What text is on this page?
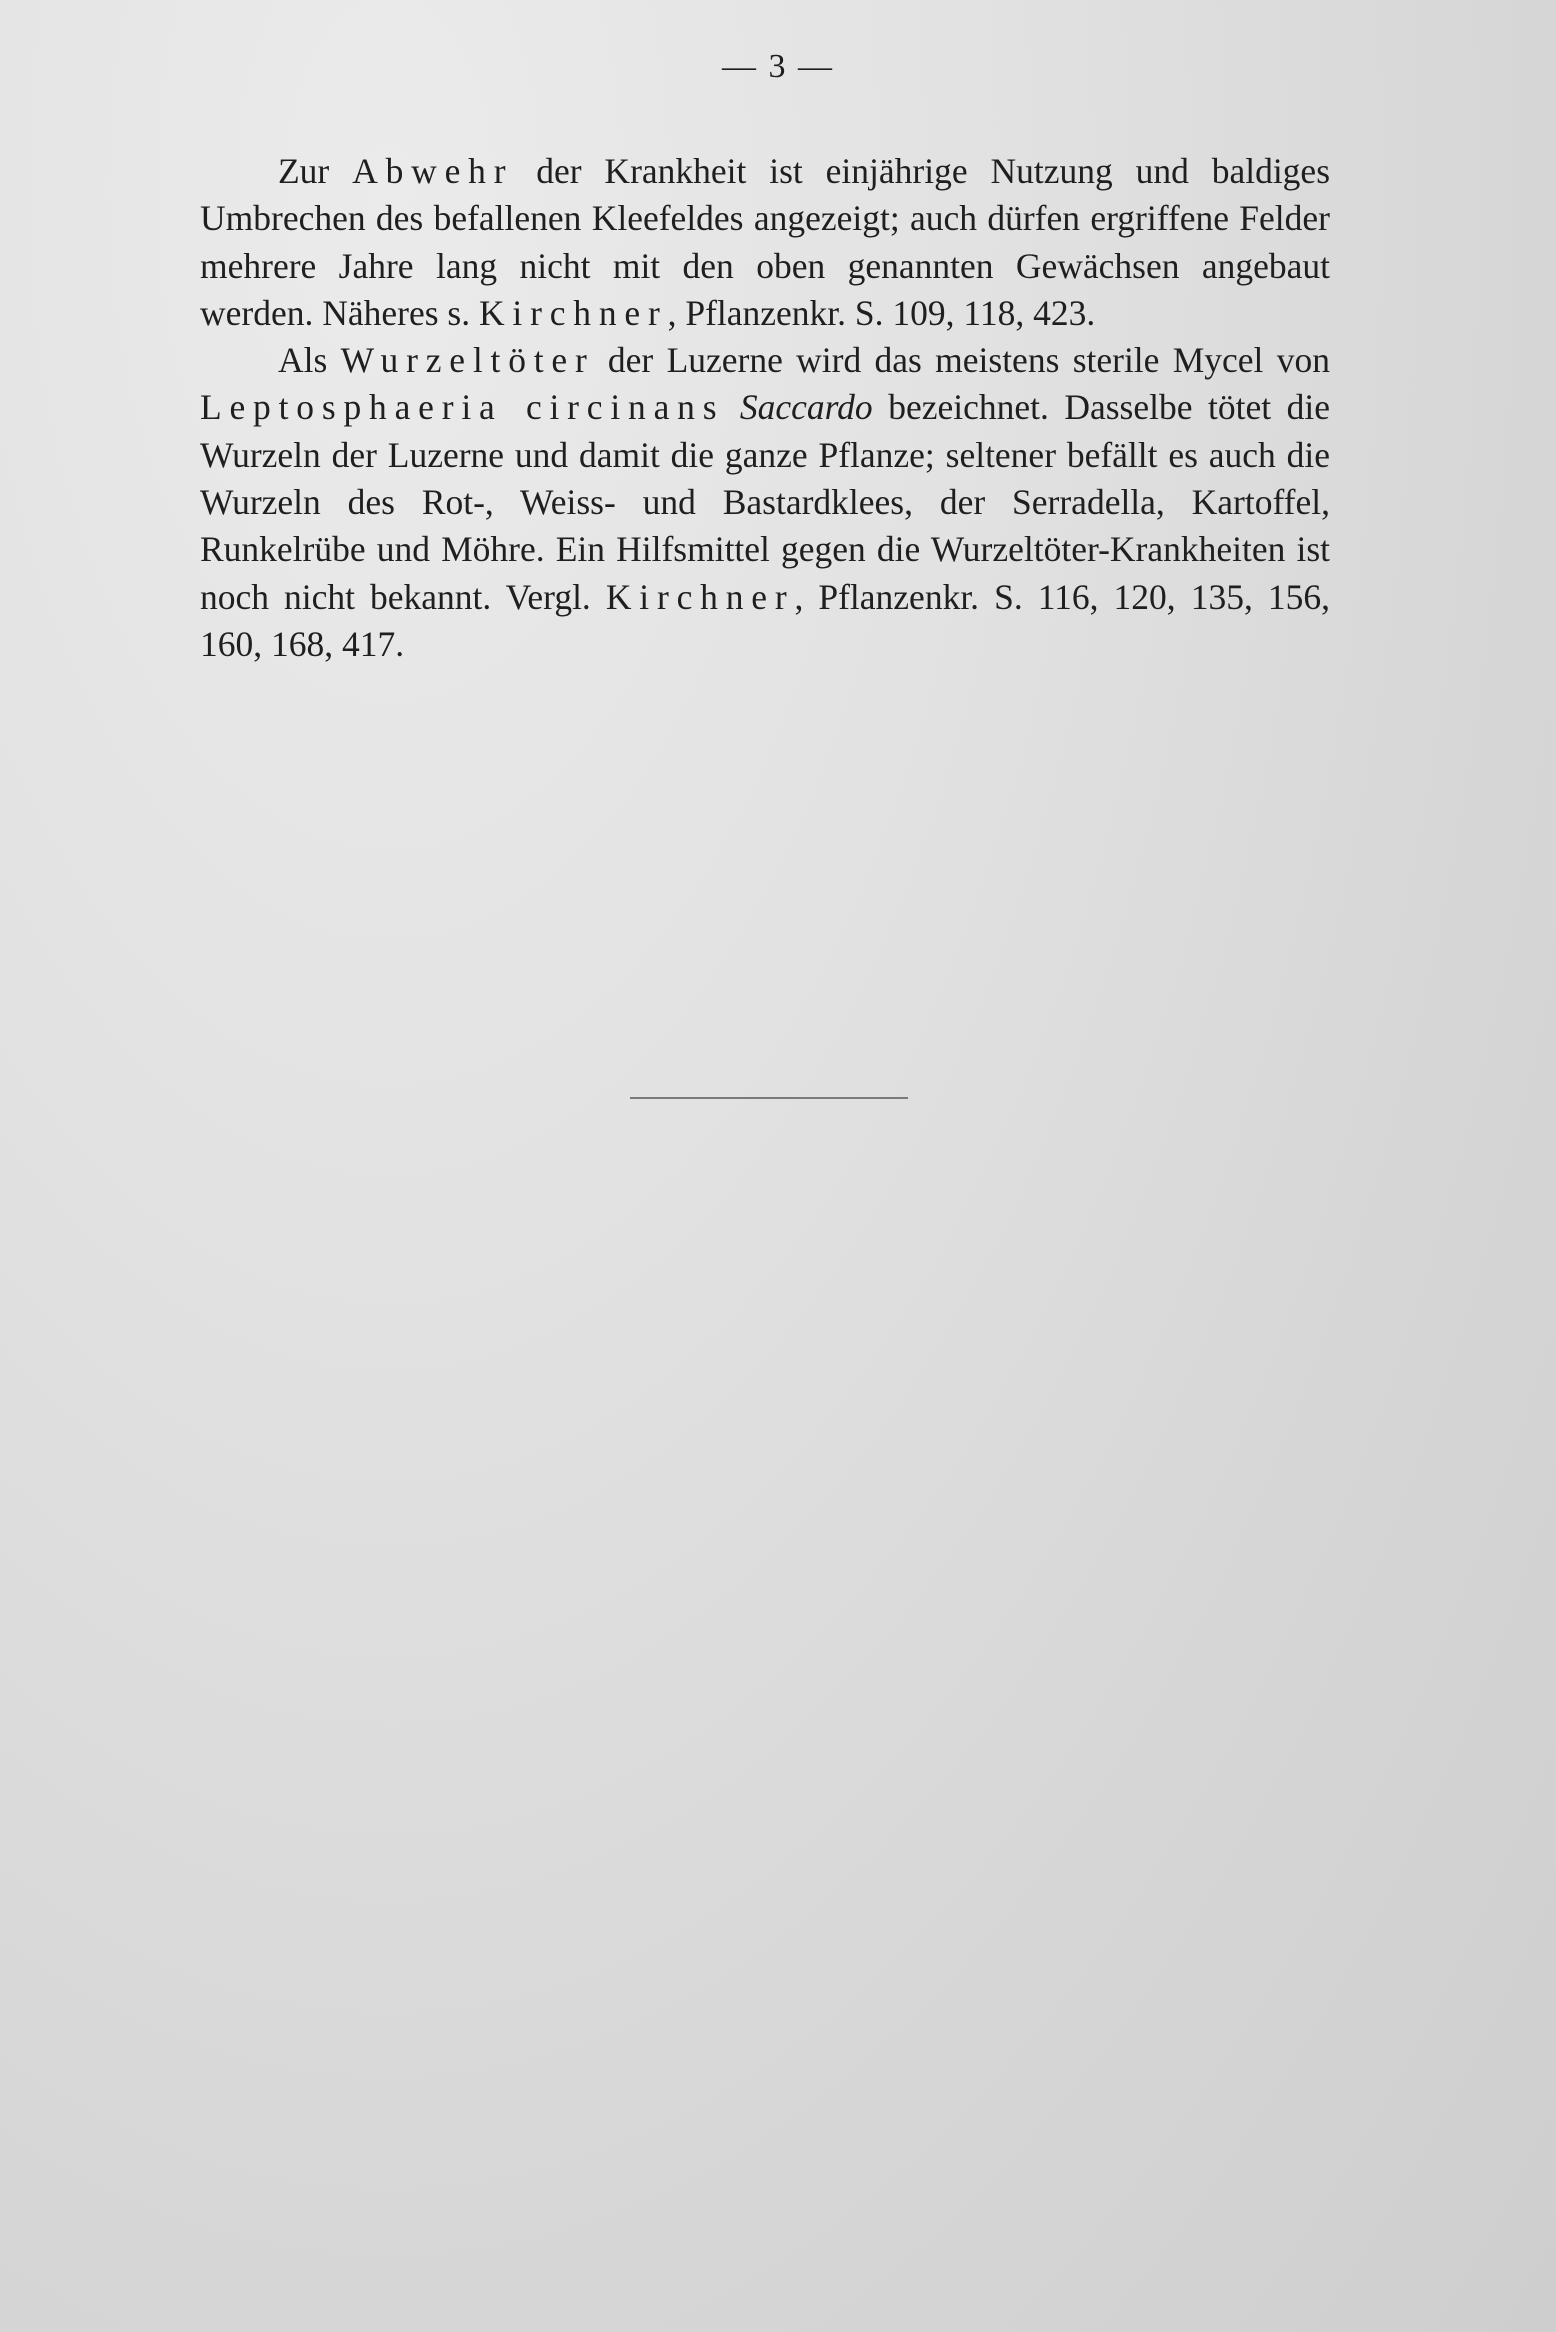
— 3 —

Zur Abwehr der Krankheit ist einjährige Nutzung und baldiges Umbrechen des befallenen Kleefeldes angezeigt; auch dürfen ergriffene Felder mehrere Jahre lang nicht mit den oben genannten Gewächsen angebaut werden. Näheres s. Kirchner, Pflanzenkr. S. 109, 118, 423.

Als Wurzeltöter der Luzerne wird das meistens sterile Mycel von Leptosphaeria circinans Saccardo bezeichnet. Dasselbe tötet die Wurzeln der Luzerne und damit die ganze Pflanze; seltener befällt es auch die Wurzeln des Rot-, Weiss- und Bastardklees, der Serradella, Kartoffel, Runkelrübe und Möhre. Ein Hilfsmittel gegen die Wurzeltöter-Krankheiten ist noch nicht bekannt. Vergl. Kirchner, Pflanzenkr. S. 116, 120, 135, 156, 160, 168, 417.
